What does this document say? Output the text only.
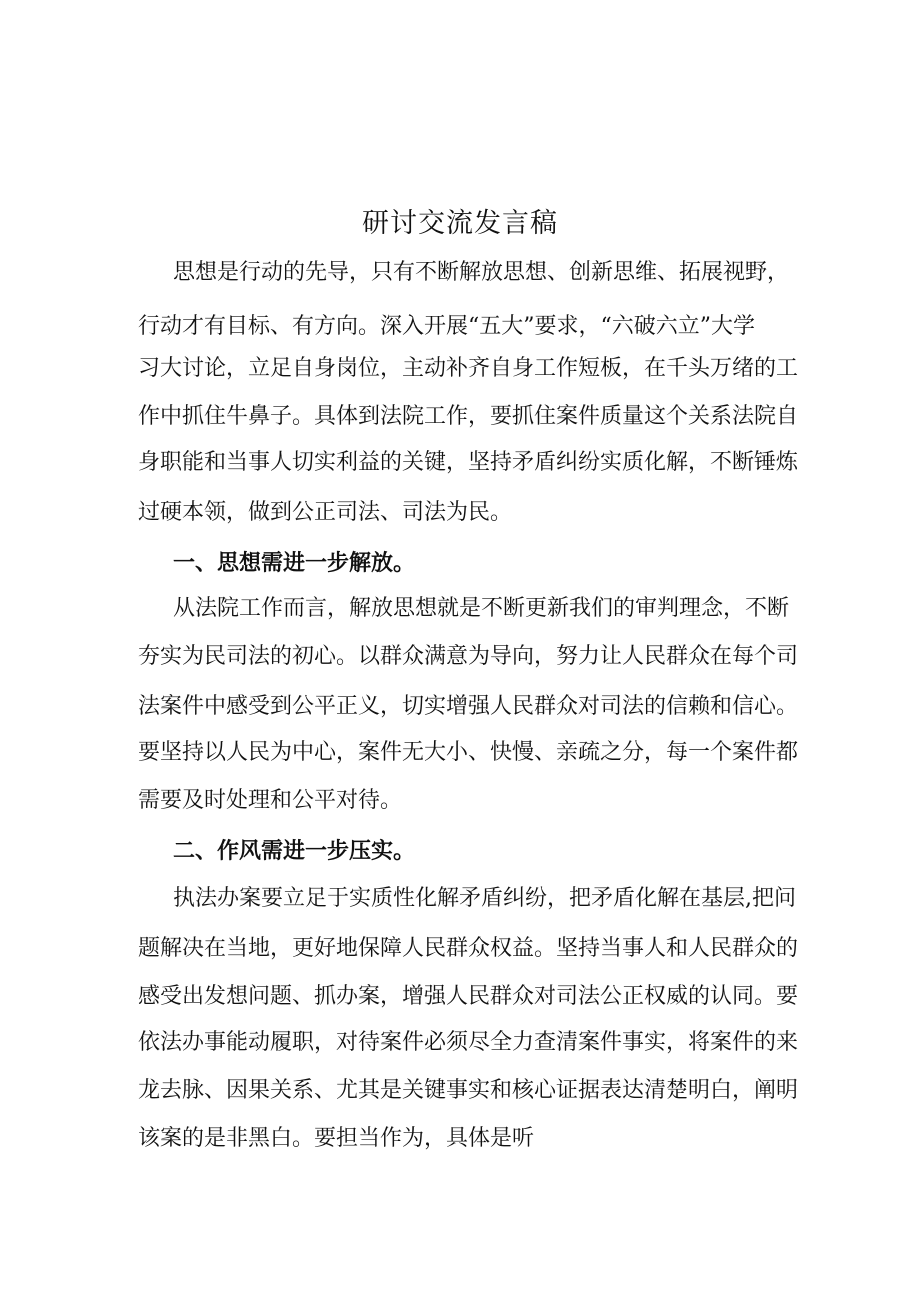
研讨交流发言稿
思想是行动的先导，只有不断解放思想、创新思维、拓展视野，
行动才有目标、有方向。深入开展“五大”要求，“六破六立”大学
习大讨论，立足自身岗位，主动补齐自身工作短板，在千头万绪的工
作中抓住牛鼻子。具体到法院工作，要抓住案件质量这个关系法院自
身职能和当事人切实利益的关键，坚持矛盾纠纷实质化解，不断锤炼
过硬本领，做到公正司法、司法为民。
一、思想需进一步解放。
从法院工作而言，解放思想就是不断更新我们的审判理念，不断
夯实为民司法的初心。以群众满意为导向，努力让人民群众在每个司
法案件中感受到公平正义，切实增强人民群众对司法的信赖和信心。
要坚持以人民为中心，案件无大小、快慢、亲疏之分，每一个案件都
需要及时处理和公平对待。
二、作风需进一步压实。
执法办案要立足于实质性化解矛盾纠纷，把矛盾化解在基层,把问
题解决在当地，更好地保障人民群众权益。坚持当事人和人民群众的
感受出发想问题、抓办案，增强人民群众对司法公正权威的认同。要
依法办事能动履职，对待案件必须尽全力查清案件事实，将案件的来
龙去脉、因果关系、尤其是关键事实和核心证据表达清楚明白，阐明
该案的是非黑白。要担当作为，具体是听
